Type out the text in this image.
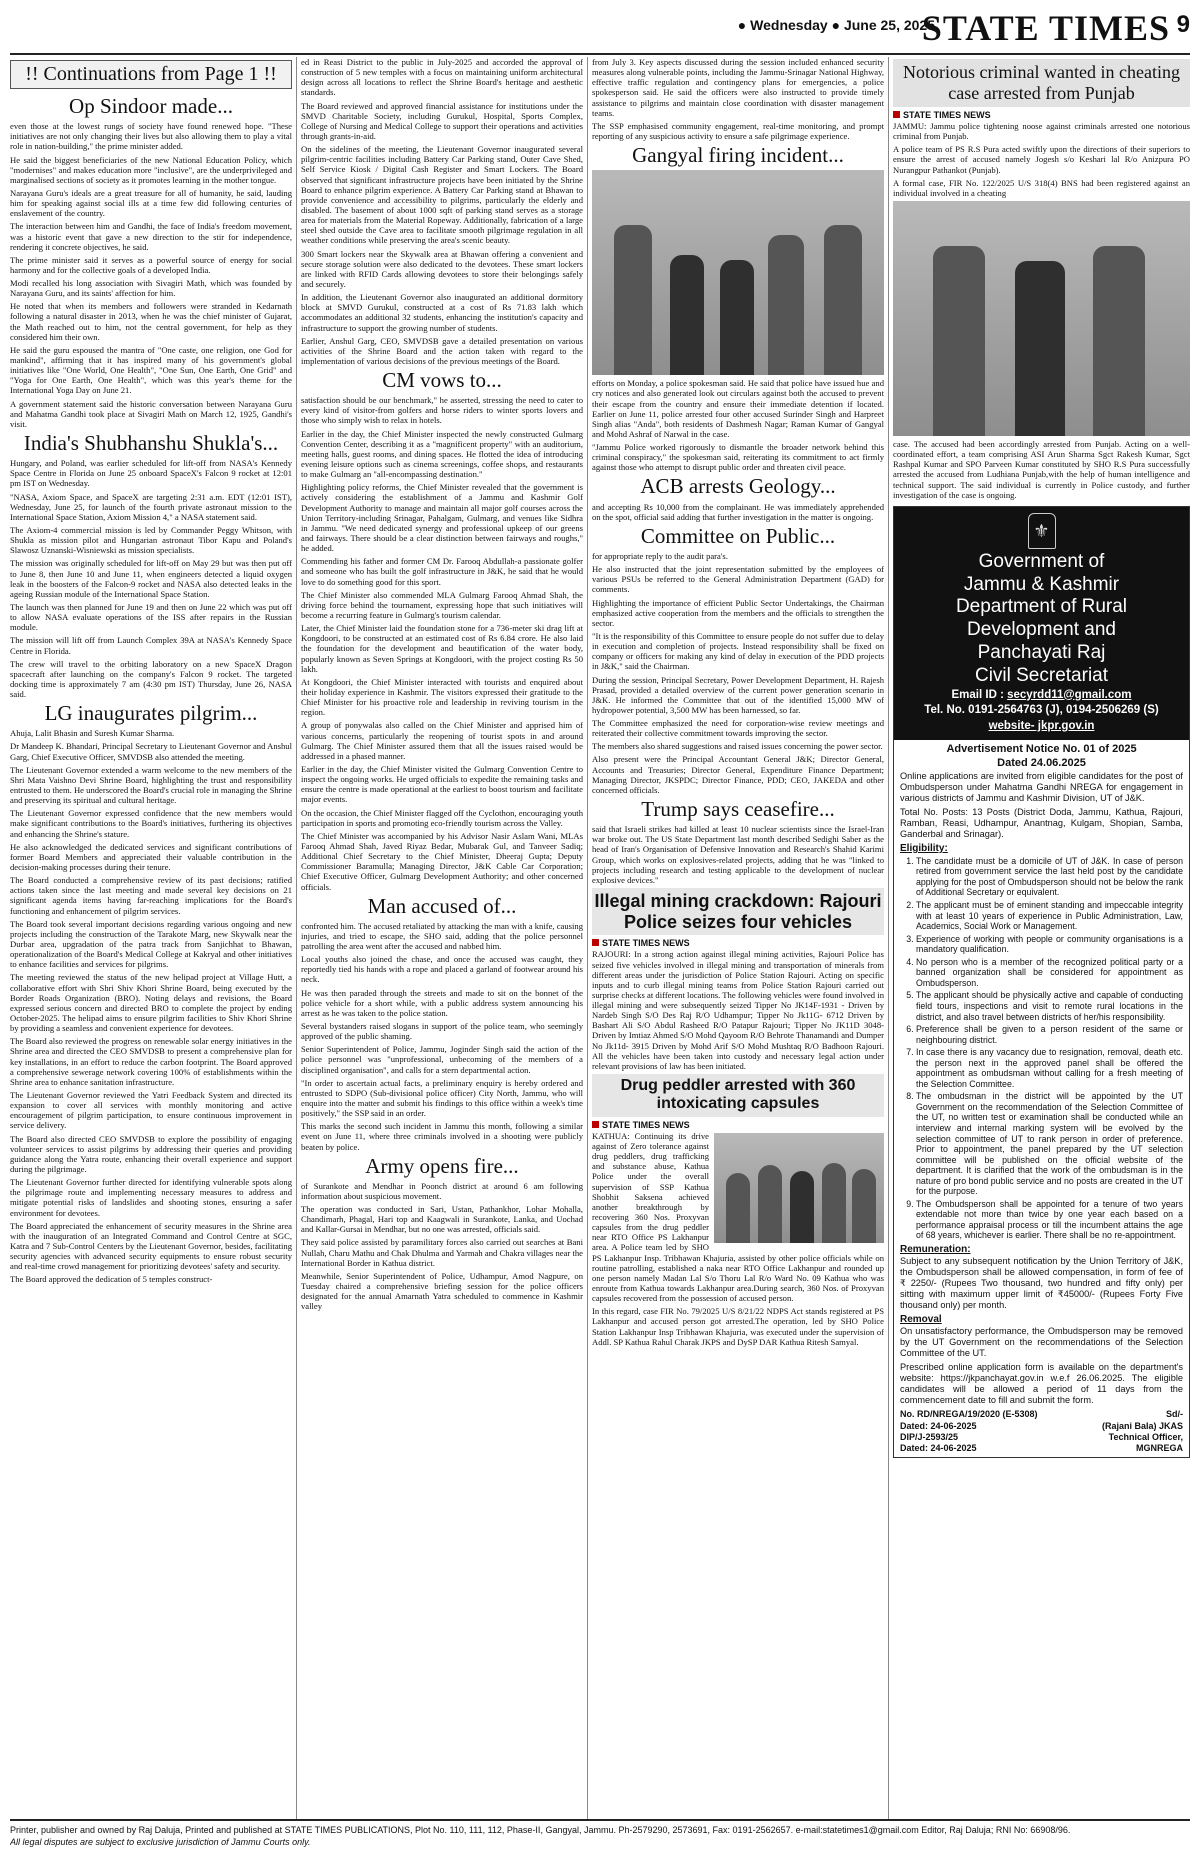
● Wednesday ● June 25, 2025
STATE TIMES 9
!! Continuations from Page 1 !!
Op Sindoor made...

even those at the lowest rungs of society have found renewed hope. "These initiatives are not only changing their lives but also allowing them to play a vital role in nation-building," the prime minister added.

He said the biggest beneficiaries of the new National Education Policy, which "modernises" and makes education more "inclusive", are the underprivileged and marginalised sections of society as it promotes learning in the mother tongue.

Narayana Guru's ideals are a great treasure for all of humanity, he said, lauding him for speaking against social ills at a time few did following centuries of enslavement of the country.

The interaction between him and Gandhi, the face of India's freedom movement, was a historic event that gave a new direction to the stir for independence, rendering it concrete objectives, he said.

The prime minister said it serves as a powerful source of energy for social harmony and for the collective goals of a developed India.

Modi recalled his long association with Sivagiri Math, which was founded by Narayana Guru, and its saints' affection for him.

He noted that when its members and followers were stranded in Kedarnath following a natural disaster in 2013, when he was the chief minister of Gujarat, the Math reached out to him, not the central government, for help as they considered him their own.

He said the guru espoused the mantra of "One caste, one religion, one God for mankind", affirming that it has inspired many of his government's global initiatives like "One World, One Health", "One Sun, One Earth, One Grid" and "Yoga for One Earth, One Health", which was this year's theme for the International Yoga Day on June 21.

A government statement said the historic conversation between Narayana Guru and Mahatma Gandhi took place at Sivagiri Math on March 12, 1925, Gandhi's visit.

India's Shubhanshu Shukla's...

Hungary, and Poland, was earlier scheduled for lift-off from NASA's Kennedy Space Centre in Florida on June 25 onboard SpaceX's Falcon 9 rocket at 12:01 pm IST on Wednesday.

"NASA, Axiom Space, and SpaceX are targeting 2:31 a.m. EDT (12:01 IST), Wednesday, June 25, for launch of the fourth private astronaut mission to the International Space Station, Axiom Mission 4," a NASA statement said.

The Axiom-4 commercial mission is led by Commander Peggy Whitson, with Shukla as mission pilot and Hungarian astronaut Tibor Kapu and Poland's Slawosz Uznanski-Wisniewski as mission specialists.

The mission was originally scheduled for lift-off on May 29 but was then put off to June 8, then June 10 and June 11, when engineers detected a liquid oxygen leak in the boosters of the Falcon-9 rocket and NASA also detected leaks in the ageing Russian module of the International Space Station.

The launch was then planned for June 19 and then on June 22 which was put off to allow NASA evaluate operations of the ISS after repairs in the Russian module.

The mission will lift off from Launch Complex 39A at NASA's Kennedy Space Centre in Florida.

The crew will travel to the orbiting laboratory on a new SpaceX Dragon spacecraft after launching on the company's Falcon 9 rocket. The targeted docking time is approximately 7 am (4:30 pm IST) Thursday, June 26, NASA said.

LG inaugurates pilgrim...

Ahuja, Lalit Bhasin and Suresh Kumar Sharma.

Dr Mandeep K. Bhandari, Principal Secretary to Lieutenant Governor and Anshul Garg, Chief Executive Officer, SMVDSB also attended the meeting.

The Lieutenant Governor extended a warm welcome to the new members of the Shri Mata Vaishno Devi Shrine Board, highlighting the trust and responsibility entrusted to them. He underscored the Board's crucial role in managing the Shrine and preserving its spiritual and cultural heritage.

The Lieutenant Governor expressed confidence that the new members would make significant contributions to the Board's initiatives, furthering its objectives and enhancing the Shrine's stature.

He also acknowledged the dedicated services and significant contributions of former Board Members and appreciated their valuable contribution in the decision-making processes during their tenure.

The Board conducted a comprehensive review of its past decisions; ratified actions taken since the last meeting and made several key decisions on 21 significant agenda items having far-reaching implications for the Board's functioning and enhancement of pilgrim services.

The Board took several important decisions regarding various ongoing and new projects including the construction of the Tarakote Marg, new Skywalk near the Durbar area, upgradation of the patra track from Sanjichhat to Bhawan, operationalization of the Board's Medical College at Kakryal and other initiatives to enhance facilities and services for pilgrims.

The meeting reviewed the status of the new helipad project at Village Hutt, a collaborative effort with Shri Shiv Khori Shrine Board, being executed by the Border Roads Organization (BRO). Noting delays and revisions, the Board expressed serious concern and directed BRO to complete the project by ending October-2025. The helipad aims to ensure pilgrim facilities to Shiv Khori Shrine by providing a seamless and convenient experience for devotees.

The Board also reviewed the progress on renewable solar energy initiatives in the Shrine area and directed the CEO SMVDSB to present a comprehensive plan for key installations, in an effort to reduce the carbon footprint. The Board approved a comprehensive sewerage network covering 100% of establishments within the Shrine area to enhance sanitation infrastructure.

The Lieutenant Governor reviewed the Yatri Feedback System and directed its expansion to cover all services with monthly monitoring and active encouragement of pilgrim participation, to ensure continuous improvement in service delivery.

The Board also directed CEO SMVDSB to explore the possibility of engaging volunteer services to assist pilgrims by addressing their queries and providing guidance along the Yatra route, enhancing their overall experience and support during the pilgrimage.

The Lieutenant Governor further directed for identifying vulnerable spots along the pilgrimage route and implementing necessary measures to address and mitigate potential risks of landslides and shooting stones, ensuring a safer environment for devotees.

The Board appreciated the enhancement of security measures in the Shrine area with the inauguration of an Integrated Command and Control Centre at SGC, Katra and 7 Sub-Control Centers by the Lieutenant Governor, besides, facilitating security agencies with advanced security equipments to ensure robust security and real-time crowd management for prioritizing devotees' safety and security.

The Board approved the dedication of 5 temples construct-

ed in Reasi District to the public in July-2025 and accorded the approval of construction of 5 new temples with a focus on maintaining uniform architectural design across all locations to reflect the Shrine Board's heritage and aesthetic standards.

The Board reviewed and approved financial assistance for institutions under the SMVD Charitable Society, including Gurukul, Hospital, Sports Complex, College of Nursing and Medical College to support their operations and activities through grants-in-aid.

On the sidelines of the meeting, the Lieutenant Governor inaugurated several pilgrim-centric facilities including Battery Car Parking stand, Outer Cave Shed, Self Service Kiosk / Digital Cash Register and Smart Lockers. The Board observed that significant infrastructure projects have been initiated by the Shrine Board to enhance pilgrim experience. A Battery Car Parking stand at Bhawan to provide convenience and accessibility to pilgrims, particularly the elderly and disabled. The basement of about 1000 sqft of parking stand serves as a storage area for materials from the Material Ropeway. Additionally, fabrication of a large steel shed outside the Cave area to facilitate smooth pilgrimage regulation in all weather conditions while preserving the area's scenic beauty.

300 Smart lockers near the Skywalk area at Bhawan offering a convenient and secure storage solution were also dedicated to the devotees. These smart lockers are linked with RFID Cards allowing devotees to store their belongings safely and securely.

In addition, the Lieutenant Governor also inaugurated an additional dormitory block at SMVD Gurukul, constructed at a cost of Rs 71.83 lakh which accommodates an additional 32 students, enhancing the institution's capacity and infrastructure to support the growing number of students.

Earlier, Anshul Garg, CEO, SMVDSB gave a detailed presentation on various activities of the Shrine Board and the action taken with regard to the implementation of various decisions of the previous meetings of the Board.

CM vows to...

satisfaction should be our benchmark," he asserted, stressing the need to cater to every kind of visitor-from golfers and horse riders to winter sports lovers and those who simply wish to relax in hotels.

Earlier in the day, the Chief Minister inspected the newly constructed Gulmarg Convention Center, describing it as a "magnificent property" with an auditorium, meeting halls, guest rooms, and dining spaces. He flotted the idea of introducing evening leisure options such as cinema screenings, coffee shops, and restaurants to make Gulmarg an "all-encompassing destination."

Highlighting policy reforms, the Chief Minister revealed that the government is actively considering the establishment of a Jammu and Kashmir Golf Development Authority to manage and maintain all major golf courses across the Union Territory-including Srinagar, Pahalgam, Gulmarg, and venues like Sidhra in Jammu. "We need dedicated synergy and professional upkeep of our greens and fairways. There should be a clear distinction between fairways and roughs," he added.

Commending his father and former CM Dr. Farooq Abdullah-a passionate golfer and someone who has built the golf infrastructure in J&K, he said that he would love to do something good for this sport.

The Chief Minister also commended MLA Gulmarg Farooq Ahmad Shah, the driving force behind the tournament, expressing hope that such initiatives will become a recurring feature in Gulmarg's tourism calendar.

Later, the Chief Minister laid the foundation stone for a 736-meter ski drag lift at Kongdoori, to be constructed at an estimated cost of Rs 6.84 crore. He also laid the foundation for the development and beautification of the water body, popularly known as Seven Springs at Kongdoori, with the project costing Rs 50 lakh.

At Kongdoori, the Chief Minister interacted with tourists and enquired about their holiday experience in Kashmir. The visitors expressed their gratitude to the Chief Minister for his proactive role and leadership in reviving tourism in the region.

A group of ponywalas also called on the Chief Minister and apprised him of various concerns, particularly the reopening of tourist spots in and around Gulmarg. The Chief Minister assured them that all the issues raised would be addressed in a phased manner.

Earlier in the day, the Chief Minister visited the Gulmarg Convention Centre to inspect the ongoing works. He urged officials to expedite the remaining tasks and ensure the centre is made operational at the earliest to boost tourism and facilitate major events.

On the occasion, the Chief Minister flagged off the Cyclothon, encouraging youth participation in sports and promoting eco-friendly tourism across the Valley.

The Chief Minister was accompanied by his Advisor Nasir Aslam Wani, MLAs Farooq Ahmad Shah, Javed Riyaz Bedar, Mubarak Gul, and Tanveer Sadiq; Additional Chief Secretary to the Chief Minister, Dheeraj Gupta; Deputy Commissioner Baramulla; Managing Director, J&K Cable Car Corporation; Chief Executive Officer, Gulmarg Development Authority; and other concerned officials.

Man accused of...

confronted him. The accused retaliated by attacking the man with a knife, causing injuries, and tried to escape, the SHO said, adding that the police personnel patrolling the area went after the accused and nabbed him.

Local youths also joined the chase, and once the accused was caught, they reportedly tied his hands with a rope and placed a garland of footwear around his neck.

He was then paraded through the streets and made to sit on the bonnet of the police vehicle for a short while, with a public address system announcing his arrest as he was taken to the police station.

Several bystanders raised slogans in support of the police team, who seemingly approved of the public shaming.

Senior Superintendent of Police, Jammu, Joginder Singh said the action of the police personnel was "unprofessional, unbecoming of the members of a disciplined organisation", and calls for a stern departmental action.

"In order to ascertain actual facts, a preliminary enquiry is hereby ordered and entrusted to SDPO (Sub-divisional police officer) City North, Jammu, who will enquire into the matter and submit his findings to this office within a week's time positively," the SSP said in an order.

This marks the second such incident in Jammu this month, following a similar event on June 11, where three criminals involved in a shooting were publicly beaten by police.

Army opens fire...

of Surankote and Mendhar in Poonch district at around 6 am following information about suspicious movement.

The operation was conducted in Sari, Ustan, Pathankhor, Lohar Mohalla, Chandimarh, Phagal, Hari top and Kaagwali in Surankote, Lanka, and Uochad and Kallar-Gursai in Mendhar, but no one was arrested, officials said.

They said police assisted by paramilitary forces also carried out searches at Bani Nullah, Charu Mathu and Chak Dhulma and Yarmah and Chakra villages near the International Border in Kathua district.

Meanwhile, Senior Superintendent of Police, Udhampur, Amod Nagpure, on Tuesday chaired a comprehensive briefing session for the police officers designated for the annual Amarnath Yatra scheduled to commence in Kashmir valley

from July 3. Key aspects discussed during the session included enhanced security measures along vulnerable points, including the Jammu-Srinagar National Highway, effective traffic regulation and contingency plans for emergencies, a police spokesperson said. He said the officers were also instructed to provide timely assistance to pilgrims and maintain close coordination with disaster management teams.

The SSP emphasised community engagement, real-time monitoring, and prompt reporting of any suspicious activity to ensure a safe pilgrimage experience.

Gangyal firing incident...

efforts on Monday, a police spokesman said. He said that police have issued hue and cry notices and also generated look out circulars against both the accused to prevent their escape from the country and ensure their immediate detention if located. Earlier on June 11, police arrested four other accused Surinder Singh and Harpreet Singh alias "Anda", both residents of Dashmesh Nagar; Raman Kumar of Gangyal and Mohd Ashraf of Narwal in the case.

"Jammu Police worked rigorously to dismantle the broader network behind this criminal conspiracy," the spokesman said, reiterating its commitment to act firmly against those who attempt to disrupt public order and threaten civil peace.

ACB arrests Geology...

and accepting Rs 10,000 from the complainant. He was immediately apprehended on the spot, official said adding that further investigation in the matter is ongoing.

Committee on Public...

for appropriate reply to the audit para's.

He also instructed that the joint representation submitted by the employees of various PSUs be referred to the General Administration Department (GAD) for comments.

Highlighting the importance of efficient Public Sector Undertakings, the Chairman emphasized active cooperation from the members and the officials to strengthen the sector.

"It is the responsibility of this Committee to ensure people do not suffer due to delay in execution and completion of projects. Instead responsibility shall be fixed on company or officers for making any kind of delay in execution of the PDD projects in J&K," said the Chairman.

During the session, Principal Secretary, Power Development Department, H. Rajesh Prasad, provided a detailed overview of the current power generation scenario in J&K. He informed the Committee that out of the identified 15,000 MW of hydropower potential, 3,500 MW has been harnessed, so far.

The Committee emphasized the need for corporation-wise review meetings and reiterated their collective commitment towards improving the sector.

The members also shared suggestions and raised issues concerning the power sector.

Also present were the Principal Accountant General J&K; Director General, Accounts and Treasuries; Director General, Expenditure Finance Department; Managing Director, JKSPDC; Director Finance, PDD; CEO, JAKEDA and other concerned officials.

Trump says ceasefire...

said that Israeli strikes had killed at least 10 nuclear scientists since the Israel-Iran war broke out. The US State Department last month described Sedighi Saber as the head of Iran's Organisation of Defensive Innovation and Research's Shahid Karimi Group, which works on explosives-related projects, adding that he was "linked to projects including research and testing applicable to the development of nuclear explosive devices."

Illegal mining crackdown: Rajouri Police seizes four vehicles
STATE TIMES NEWS

RAJOURI: In a strong action against illegal mining activities, Rajouri Police has seized five vehicles involved in illegal mining and transportation of minerals from different areas under the jurisdiction of Police Station Rajouri. Acting on specific inputs and to curb illegal mining teams from Police Station Rajouri carried out surprise checks at different locations. The following vehicles were found involved in illegal mining and were subsequently seized Tipper No JK14F-1931 - Driven by Nardeb Singh S/O Des Raj R/O Udhampur; Tipper No Jk11G- 6712 Driven by Bashart Ali S/O Abdul Rasheed R/O Patapur Rajouri; Tipper No JK11D 3048-Driven by Imtiaz Ahmed S/O Mohd Qayoom R/O Behrote Thanamandi and Dumper No Jk11d- 3915 Driven by Mohd Arif S/O Mohd Mushtaq R/O Badhoon Rajouri. All the vehicles have been taken into custody and necessary legal action under relevant provisions of law has been initiated.

Drug peddler arrested with 360 intoxicating capsules
STATE TIMES NEWS

KATHUA: Continuing its drive against of Zero tolerance against drug peddlers, drug trafficking and substance abuse, Kathua Police under the overall supervision of SSP Kathua Shobhit Saksena achieved another breakthrough by recovering 360 Nos. Proxyvan capsules from the drug peddler near RTO Office PS Lakhanpur area. A Police team led by SHO PS Lakhanpur Insp. Tribhawan Khajuria, assisted by other police officials while on routine patrolling, established a naka near RTO Office Lakhanpur and rounded up one person namely Madan Lal S/o Thoru Lal R/o Ward No. 09 Kathua who was enroute from Kathua towards Lakhanpur area.During search, 360 Nos. of Proxyvan capsules recovered from the possession of accused person.

In this regard, case FIR No. 79/2025 U/S 8/21/22 NDPS Act stands registered at PS Lakhanpur and accused person got arrested.The operation, led by SHO Police Station Lakhanpur Insp Tribhawan Khajuria, was executed under the supervision of Addl. SP Kathua Rahul Charak JKPS and DySP DAR Kathua Ritesh Samyal.

Notorious criminal wanted in cheating case arrested from Punjab
STATE TIMES NEWS

JAMMU: Jammu police tightening noose against criminals arrested one notorious criminal from Punjab.

A police team of PS R.S Pura acted swiftly upon the directions of their superiors to ensure the arrest of accused namely Jogesh s/o Keshari lal R/o Anizpura PO Nurangpur Pathankot (Punjab).

A formal case, FIR No. 122/2025 U/S 318(4) BNS had been registered against an individual involved in a cheating

case. The accused had been accordingly arrested from Punjab. Acting on a well-coordinated effort, a team comprising ASI Arun Sharma Sgct Rakesh Kumar, Sgct Rashpal Kumar and SPO Parveen Kumar constituted by SHO R.S Pura successfully arrested the accused from Ludhiana Punjab,with the help of human intelligence and technical support. The said individual is currently in Police custody, and further investigation of the case is ongoing.

⚜
Government of
Jammu & Kashmir
Department of Rural
Development and
Panchayati Raj
Civil Secretariat
Email ID : secyrdd11@gmail.com
Tel. No. 0191-2564763 (J), 0194-2506269 (S)
website- jkpr.gov.in
Advertisement Notice No. 01 of 2025
Dated 24.06.2025

Online applications are invited from eligible candidates for the post of Ombudsperson under Mahatma Gandhi NREGA for engagement in various districts of Jammu and Kashmir Division, UT of J&K.

Total No. Posts: 13 Posts (District Doda, Jammu, Kathua, Rajouri, Ramban, Reasi, Udhampur, Anantnag, Kulgam, Shopian, Samba, Ganderbal and Srinagar).

Eligibility:
1. The candidate must be a domicile of UT of J&K. In case of person retired from government service the last held post by the candidate applying for the post of Ombudsperson should not be below the rank of Additional Secretary or equivalent.
2. The applicant must be of eminent standing and impeccable integrity with at least 10 years of experience in Public Administration, Law, Academics, Social Work or Management.
3. Experience of working with people or community organisations is a mandatory qualification.
4. No person who is a member of the recognized political party or a banned organization shall be considered for appointment as Ombudsperson.
5. The applicant should be physically active and capable of conducting field tours, inspections and visit to remote rural locations in the district, and also travel between districts of her/his responsibility.
6. Preference shall be given to a person resident of the same or neighbouring district.
7. In case there is any vacancy due to resignation, removal, death etc. the person next in the approved panel shall be offered the appointment as ombudsman without calling for a fresh meeting of the Selection Committee.
8. The ombudsman in the district will be appointed by the UT Government on the recommendation of the Selection Committee of the UT, no written test or examination shall be conducted while an interview and internal marking system will be evolved by the selection committee of UT to rank person in order of preference. Prior to appointment, the panel prepared by the UT selection committee will be published on the official website of the department. It is clarified that the work of the ombudsman is in the nature of pro bond public service and no posts are created in the UT for the purpose.
9. The Ombudsperson shall be appointed for a tenure of two years extendable not more than twice by one year each based on a performance appraisal process or till the incumbent attains the age of 68 years, whichever is earlier. There shall be no re-appointment.
Remuneration:

Subject to any subsequent notification by the Union Territory of J&K, the Ombudsperson shall be allowed compensation, in form of fee of ₹ 2250/- (Rupees Two thousand, two hundred and fifty only) per sitting with maximum upper limit of ₹45000/- (Rupees Forty Five thousand only) per month.

Removal

On unsatisfactory performance, the Ombudsperson may be removed by the UT Government on the recommendations of the Selection Committee of the UT.

Prescribed online application form is available on the department's website: https://jkpanchayat.gov.in w.e.f 26.06.2025. The eligible candidates will be allowed a period of 11 days from the commencement date to fill and submit the form.

No. RD/NREGA/19/2020 (E-5308)
Dated: 24-06-2025
DIP/J-2593/25
Dated: 24-06-2025
Sd/-
(Rajani Bala) JKAS
Technical Officer,
MGNREGA
Printer, publisher and owned by Raj Daluja, Printed and published at STATE TIMES PUBLICATIONS, Plot No. 110, 111, 112, Phase-II, Gangyal, Jammu. Ph-2579290, 2573691, Fax: 0191-2562657. e-mail:statetimes1@gmail.com Editor, Raj Daluja; RNI No: 66908/96.
All legal disputes are subject to exclusive jurisdiction of Jammu Courts only.
